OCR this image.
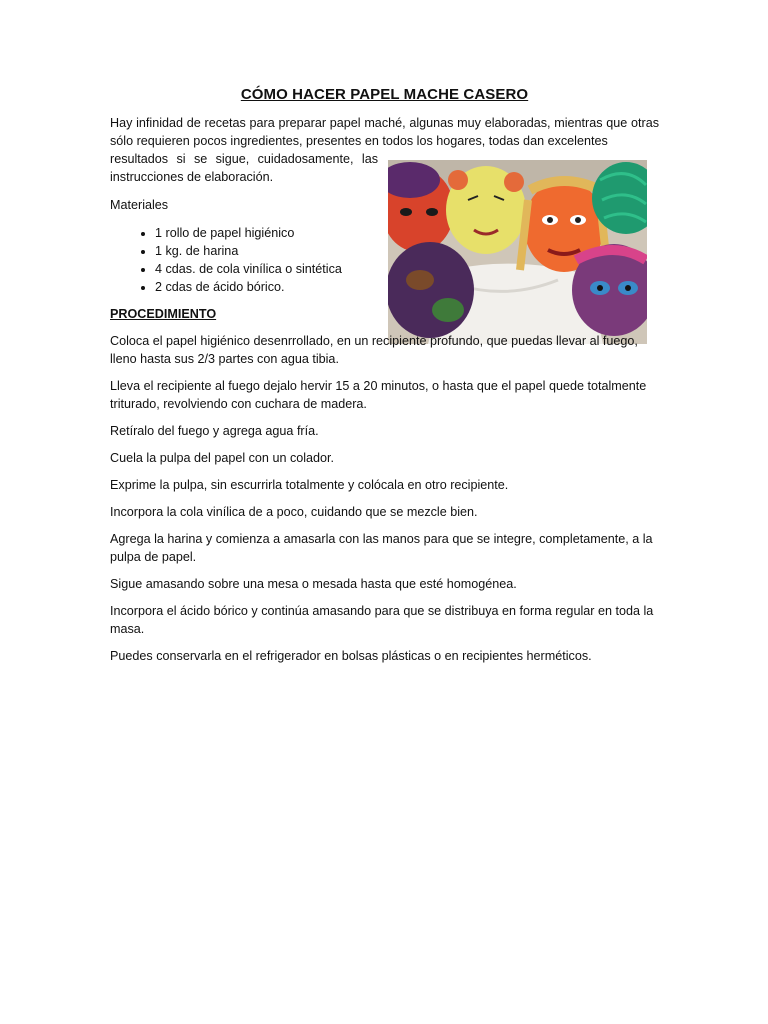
CÓMO HACER PAPEL MACHE CASERO

Hay infinidad de recetas para preparar papel maché, algunas muy elaboradas, mientras que otras sólo requieren pocos ingredientes, presentes en todos los hogares, todas dan excelentes

resultados si se sigue, cuidadosamente, las instrucciones de elaboración.

Materiales

• 1 rollo de papel higiénico
• 1 kg. de harina
• 4 cdas. de cola vinílica o sintética
• 2 cdas de ácido bórico.

PROCEDIMIENTO

Coloca el papel higiénico desenrrollado, en un recipiente profundo, que puedas llevar al fuego, lleno hasta sus 2/3 partes con agua tibia.

Lleva el recipiente al fuego dejalo hervir 15 a 20 minutos, o hasta que el papel quede totalmente triturado, revolviendo con cuchara de madera.

Retíralo del fuego y agrega agua fría.

Cuela la pulpa del papel con un colador.

Exprime la pulpa, sin escurrirla totalmente y colócala en otro recipiente.

Incorpora la cola vinílica de a poco, cuidando que se mezcle bien.

Agrega la harina y comienza a amasarla con las manos para que se integre, completamente, a la pulpa de papel.

Sigue amasando sobre una mesa o mesada hasta que esté homogénea.

Incorpora el ácido bórico y continúa amasando para que se distribuya en forma regular en toda la masa.

Puedes conservarla en el refrigerador en bolsas plásticas o en recipientes herméticos.
